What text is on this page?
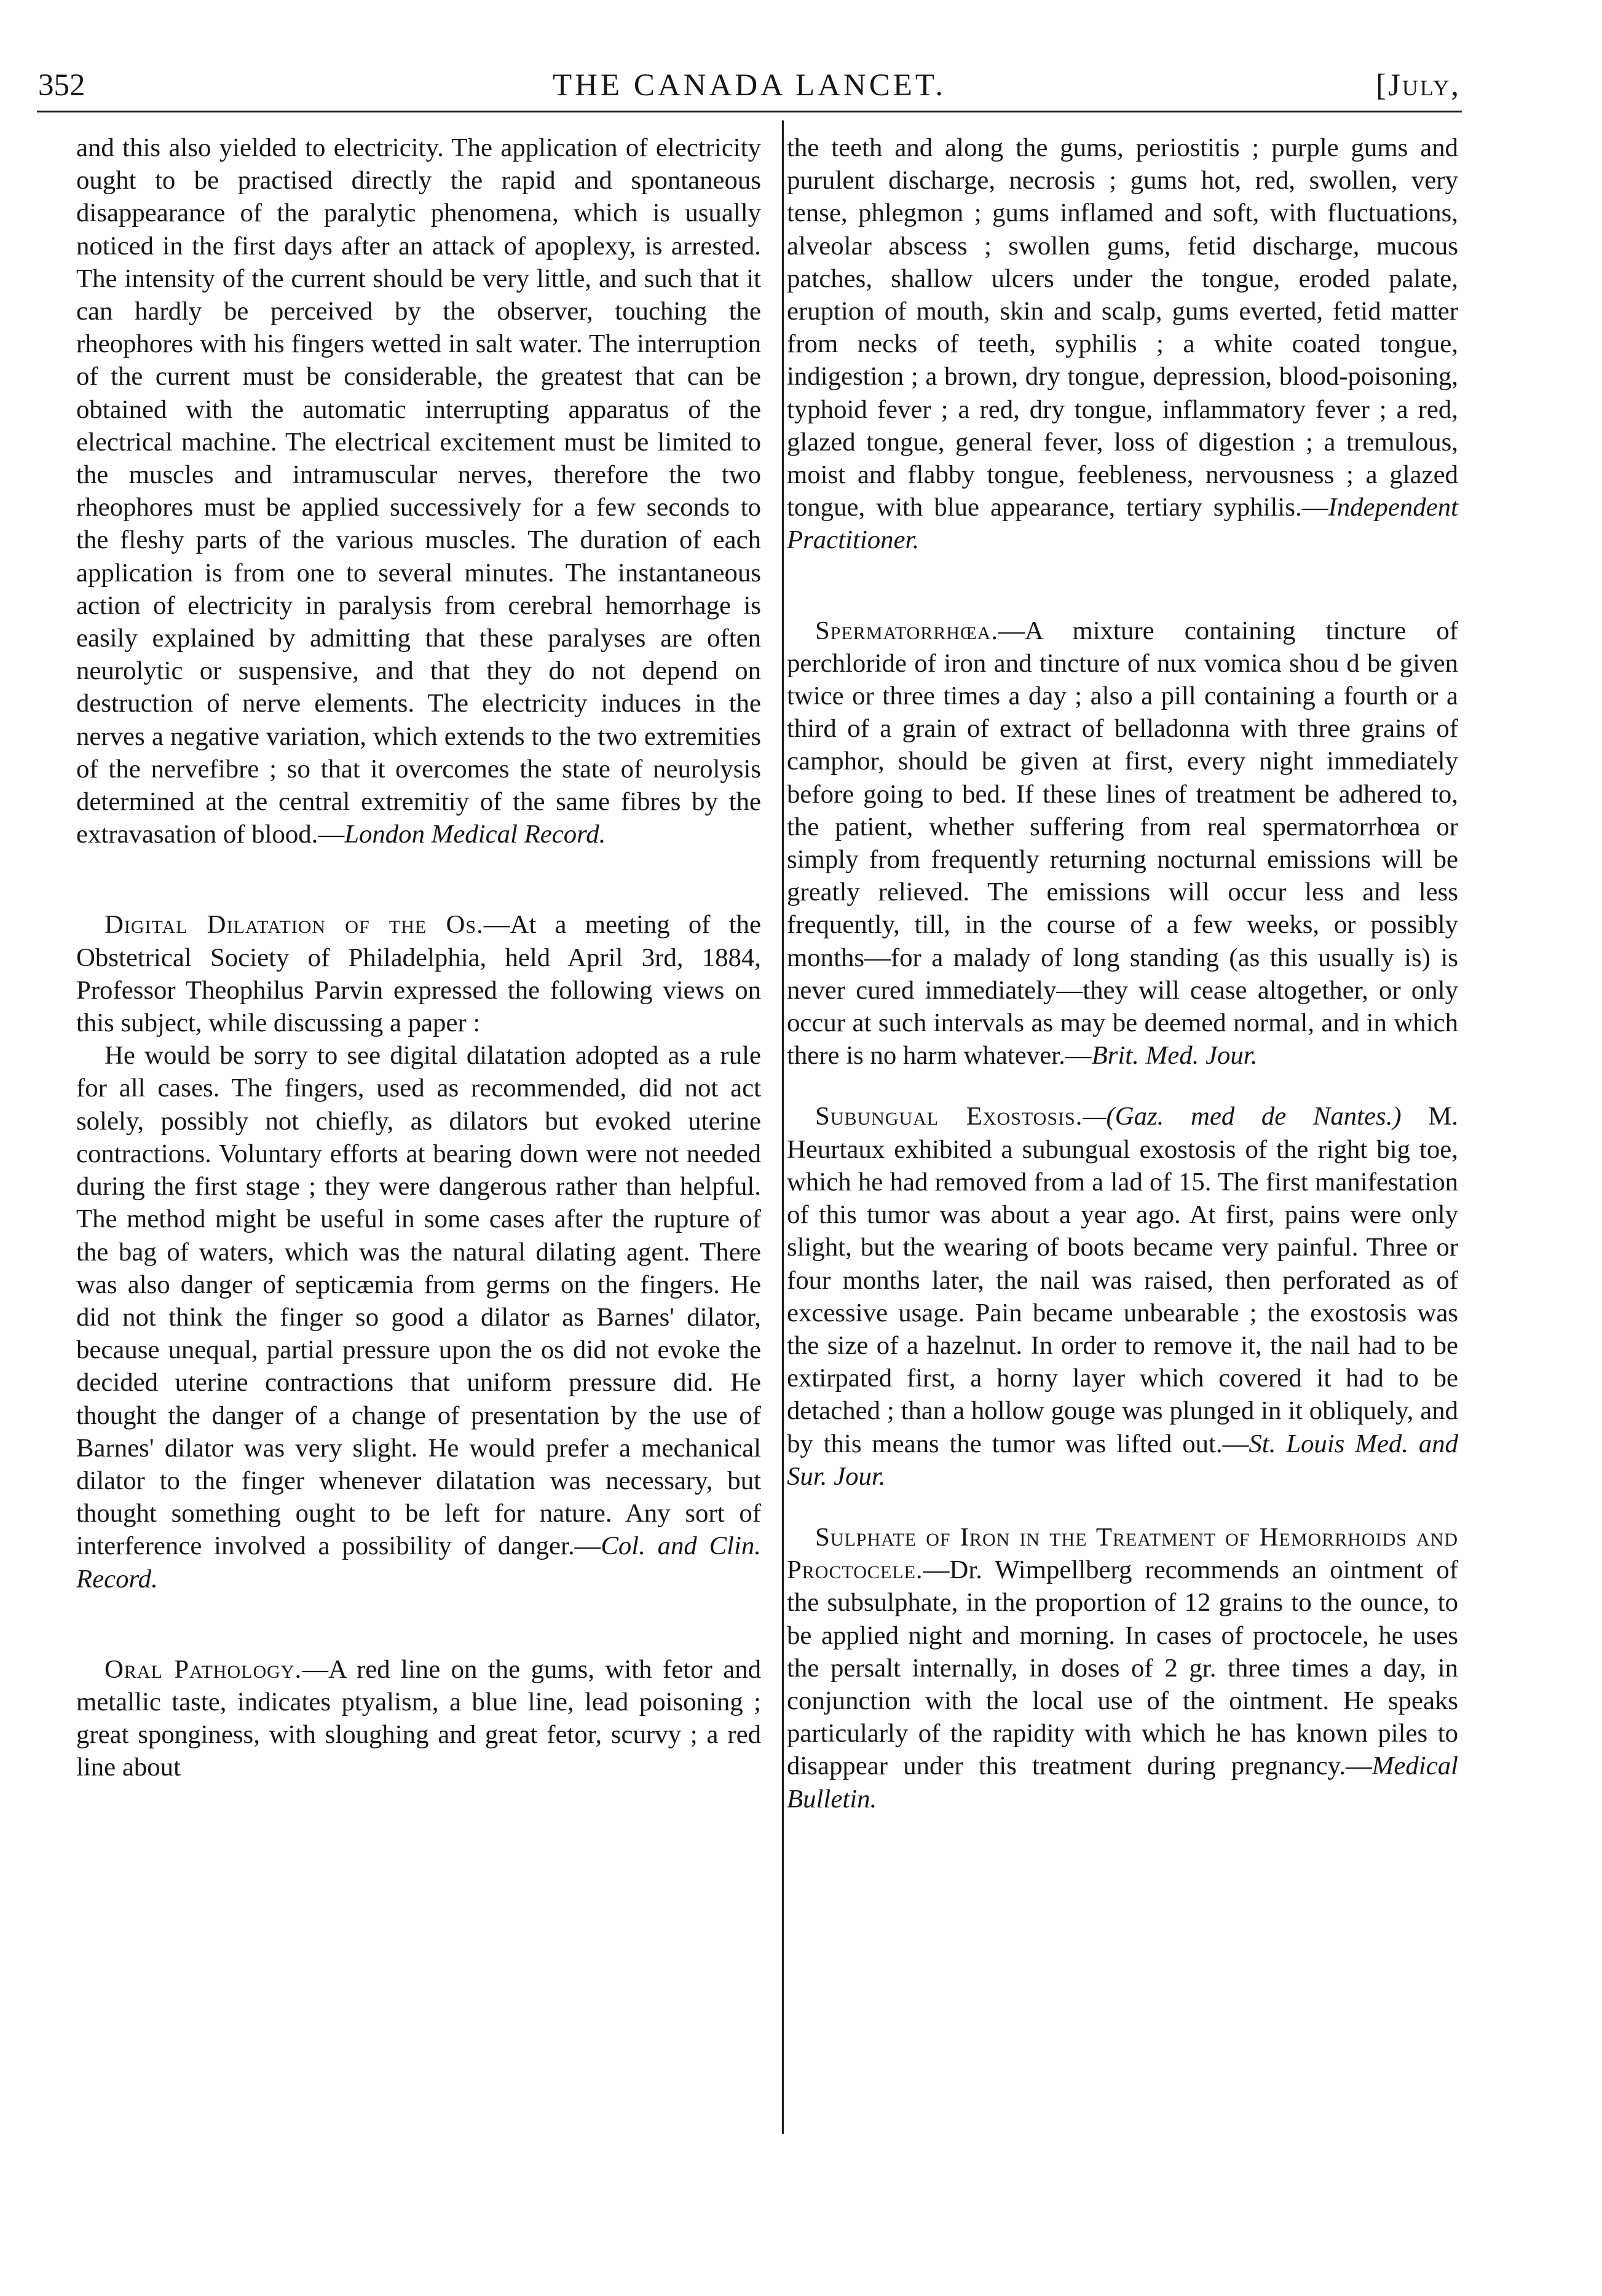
352	THE CANADA LANCET.	[July,

and this also yielded to electricity. The application of electricity ought to be practised directly the rapid and spontaneous disappearance of the paralytic phenomena, which is usually noticed in the first days after an attack of apoplexy, is arrested. The intensity of the current should be very little, and such that it can hardly be perceived by the observer, touching the rheophores with his fingers wetted in salt water. The interruption of the current must be considerable, the greatest that can be obtained with the automatic interrupting apparatus of the electrical machine. The electrical excitement must be limited to the muscles and intramuscular nerves, therefore the two rheophores must be applied successively for a few seconds to the fleshy parts of the various muscles. The duration of each application is from one to several minutes. The instantaneous action of electricity in paralysis from cerebral hemorrhage is easily explained by admitting that these paralyses are often neurolytic or suspensive, and that they do not depend on destruction of nerve elements. The electricity induces in the nerves a negative variation, which extends to the two extremities of the nervefibre ; so that it overcomes the state of neurolysis determined at the central extremitiy of the same fibres by the extravasation of blood.—London Medical Record.

Digital Dilatation of the Os.—At a meeting of the Obstetrical Society of Philadelphia, held April 3rd, 1884, Professor Theophilus Parvin expressed the following views on this subject, while discussing a paper :

He would be sorry to see digital dilatation adopted as a rule for all cases. The fingers, used as recommended, did not act solely, possibly not chiefly, as dilators but evoked uterine contractions. Voluntary efforts at bearing down were not needed during the first stage ; they were dangerous rather than helpful. The method might be useful in some cases after the rupture of the bag of waters, which was the natural dilating agent. There was also danger of septicæmia from germs on the fingers. He did not think the finger so good a dilator as Barnes' dilator, because unequal, partial pressure upon the os did not evoke the decided uterine contractions that uniform pressure did. He thought the danger of a change of presentation by the use of Barnes' dilator was very slight. He would prefer a mechanical dilator to the finger whenever dilatation was necessary, but thought something ought to be left for nature. Any sort of interference involved a possibility of danger.—Col. and Clin. Record.

Oral Pathology.—A red line on the gums, with fetor and metallic taste, indicates ptyalism, a blue line, lead poisoning ; great sponginess, with sloughing and great fetor, scurvy ; a red line about

the teeth and along the gums, periostitis ; purple gums and purulent discharge, necrosis ; gums hot, red, swollen, very tense, phlegmon ; gums inflamed and soft, with fluctuations, alveolar abscess ; swollen gums, fetid discharge, mucous patches, shallow ulcers under the tongue, eroded palate, eruption of mouth, skin and scalp, gums everted, fetid matter from necks of teeth, syphilis ; a white coated tongue, indigestion ; a brown, dry tongue, depression, blood-poisoning, typhoid fever ; a red, dry tongue, inflammatory fever ; a red, glazed tongue, general fever, loss of digestion ; a tremulous, moist and flabby tongue, feebleness, nervousness ; a glazed tongue, with blue appearance, tertiary syphilis.—Independent Practitioner.

Spermatorrhœa.—A mixture containing tincture of perchloride of iron and tincture of nux vomica shou d be given twice or three times a day ; also a pill containing a fourth or a third of a grain of extract of belladonna with three grains of camphor, should be given at first, every night immediately before going to bed. If these lines of treatment be adhered to, the patient, whether suffering from real spermatorrhœa or simply from frequently returning nocturnal emissions will be greatly relieved. The emissions will occur less and less frequently, till, in the course of a few weeks, or possibly months—for a malady of long standing (as this usually is) is never cured immediately—they will cease altogether, or only occur at such intervals as may be deemed normal, and in which there is no harm whatever.—Brit. Med. Jour.

Subungual Exostosis.—(Gaz. med de Nantes.) M. Heurtaux exhibited a subungual exostosis of the right big toe, which he had removed from a lad of 15. The first manifestation of this tumor was about a year ago. At first, pains were only slight, but the wearing of boots became very painful. Three or four months later, the nail was raised, then perforated as of excessive usage. Pain became unbearable ; the exostosis was the size of a hazelnut. In order to remove it, the nail had to be extirpated first, a horny layer which covered it had to be detached ; than a hollow gouge was plunged in it obliquely, and by this means the tumor was lifted out.—St. Louis Med. and Sur. Jour.

Sulphate of Iron in the Treatment of Hemorrhoids and Proctocele.—Dr. Wimpellberg recommends an ointment of the subsulphate, in the proportion of 12 grains to the ounce, to be applied night and morning. In cases of proctocele, he uses the persalt internally, in doses of 2 gr. three times a day, in conjunction with the local use of the ointment. He speaks particularly of the rapidity with which he has known piles to disappear under this treatment during pregnancy.—Medical Bulletin.
